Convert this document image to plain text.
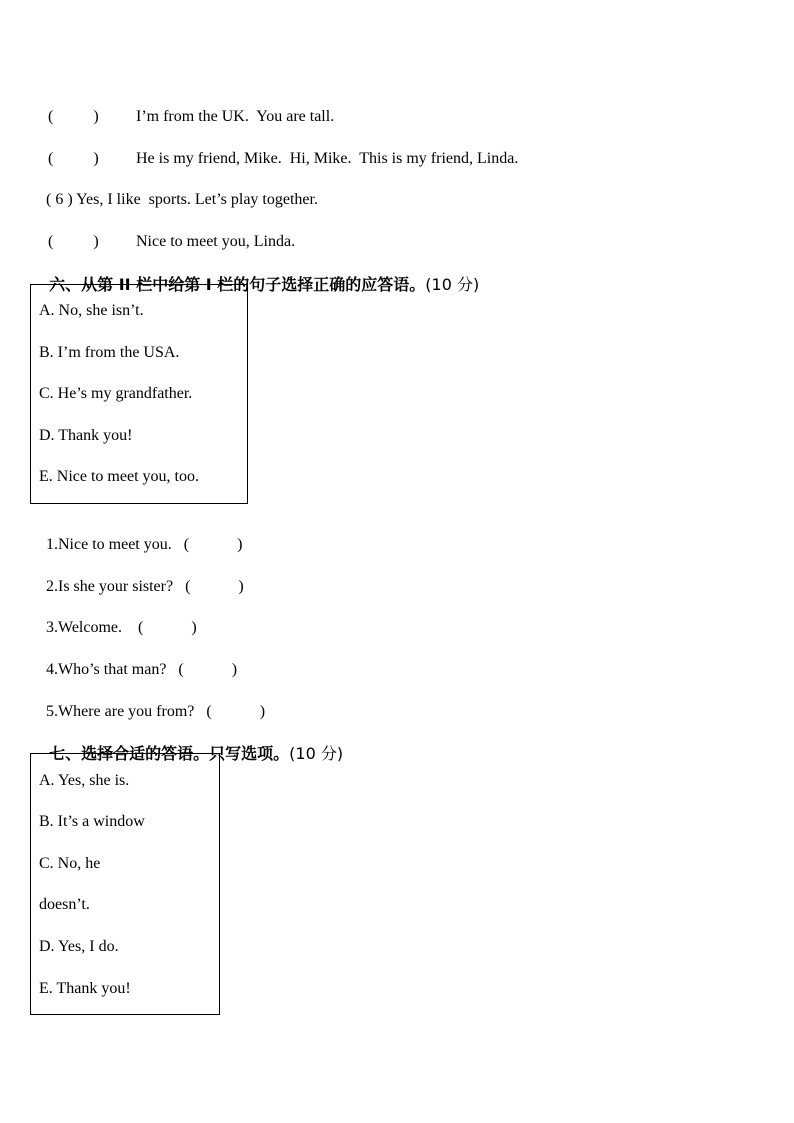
(          ) I’m from the UK.  You are tall.

(          ) He is my friend, Mike.  Hi, Mike.  This is my friend, Linda.

( 6 ) Yes, I like  sports. Let’s play together.

(          ) Nice to meet you, Linda.

六、从第 II 栏中给第 I 栏的句子选择正确的应答语。(10 分)

A. No, she isn’t.
B. I’m from the USA.
C. He’s my grandfather.
D. Thank you!
E. Nice to meet you, too.

1.Nice to meet you. (            )

2.Is she your sister? (            )

3.Welcome. (            )

4.Who’s that man? (            )

5.Where are you from? (            )

七、选择合适的答语。只写选项。(10 分)

A. Yes, she is.
B. It’s a window
C. No, he
doesn’t.
D. Yes, I do.
E. Thank you!
